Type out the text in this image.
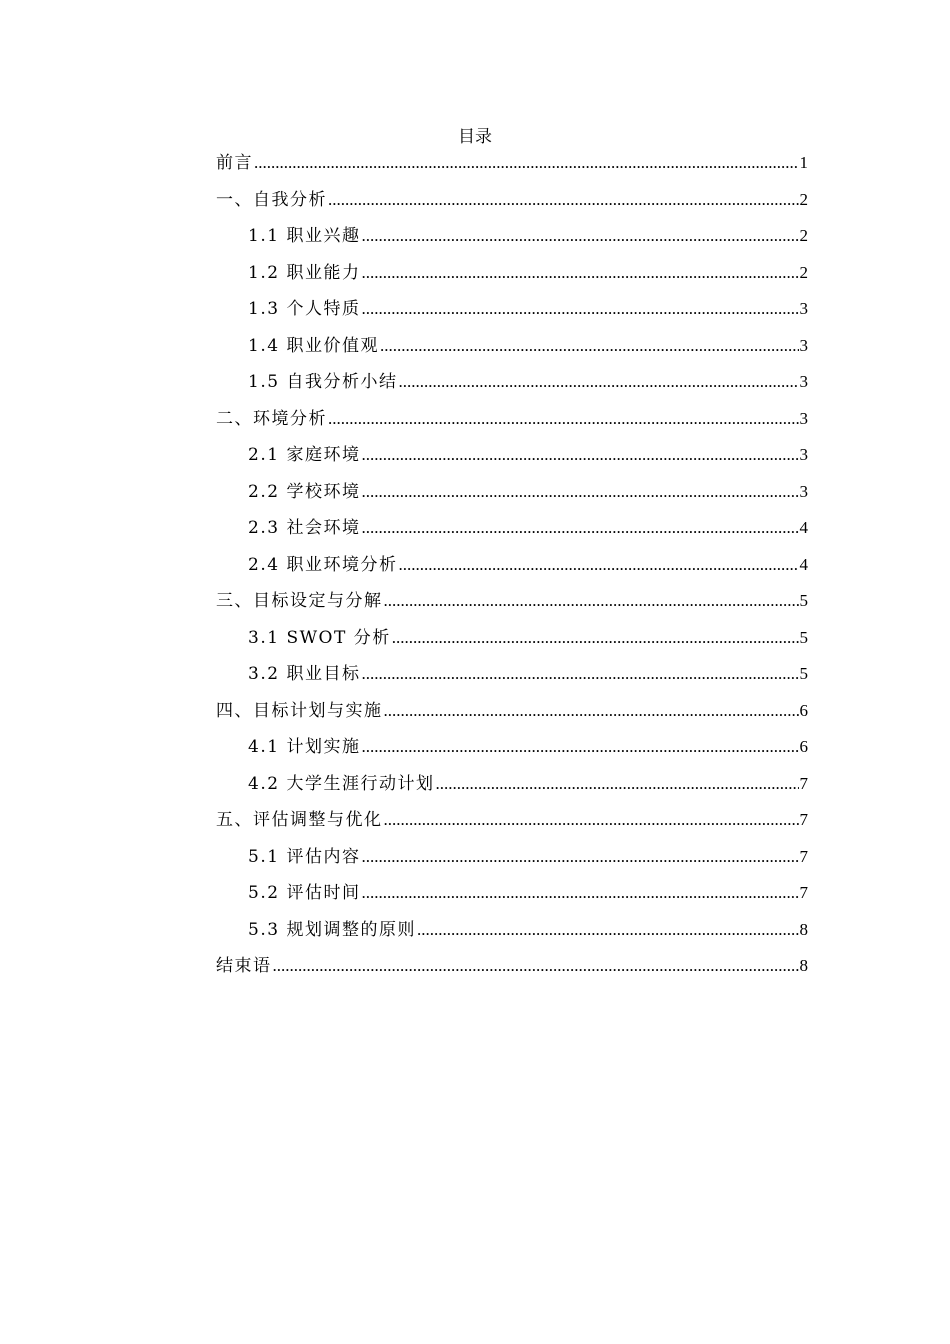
目录
前言 .....	1
一、自我分析 .....	2
1.1 职业兴趣 .....	2
1.2 职业能力 .....	2
1.3 个人特质 .....	3
1.4 职业价值观 .....	3
1.5 自我分析小结 .....	3
二、环境分析 .....	3
2.1 家庭环境 .....	3
2.2 学校环境 .....	3
2.3 社会环境 .....	4
2.4 职业环境分析 .....	4
三、目标设定与分解 .....	5
3.1 SWOT 分析 .....	5
3.2 职业目标 .....	5
四、目标计划与实施 .....	6
4.1 计划实施 .....	6
4.2 大学生涯行动计划 .....	7
五、评估调整与优化 .....	7
5.1 评估内容 .....	7
5.2 评估时间 .....	7
5.3 规划调整的原则 .....	8
结束语 .....	8
